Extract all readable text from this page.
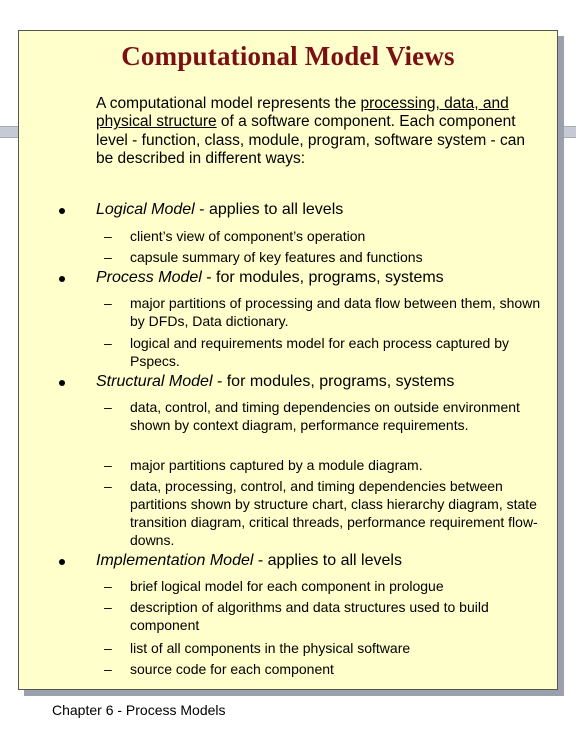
Computational Model Views
A computational model represents the processing, data, and physical structure of a software component. Each component level - function, class, module, program, software system - can be described in different ways:
Logical Model - applies to all levels
– client’s view of component’s operation
– capsule summary of key features and functions
Process Model - for modules, programs, systems
– major partitions of processing and data flow between them, shown by DFDs, Data dictionary.
– logical and requirements model for each process captured by Pspecs.
Structural Model - for modules, programs, systems
– data, control, and timing dependencies on outside environment shown by context diagram, performance requirements.
– major partitions captured by a module diagram.
– data, processing, control, and timing dependencies between partitions shown by structure chart, class hierarchy diagram, state transition diagram, critical threads, performance requirement flow-downs.
Implementation Model - applies to all levels
– brief logical model for each component in prologue
– description of algorithms and data structures used to build component
– list of all components in the physical software
– source code for each component
Chapter 6 - Process Models
